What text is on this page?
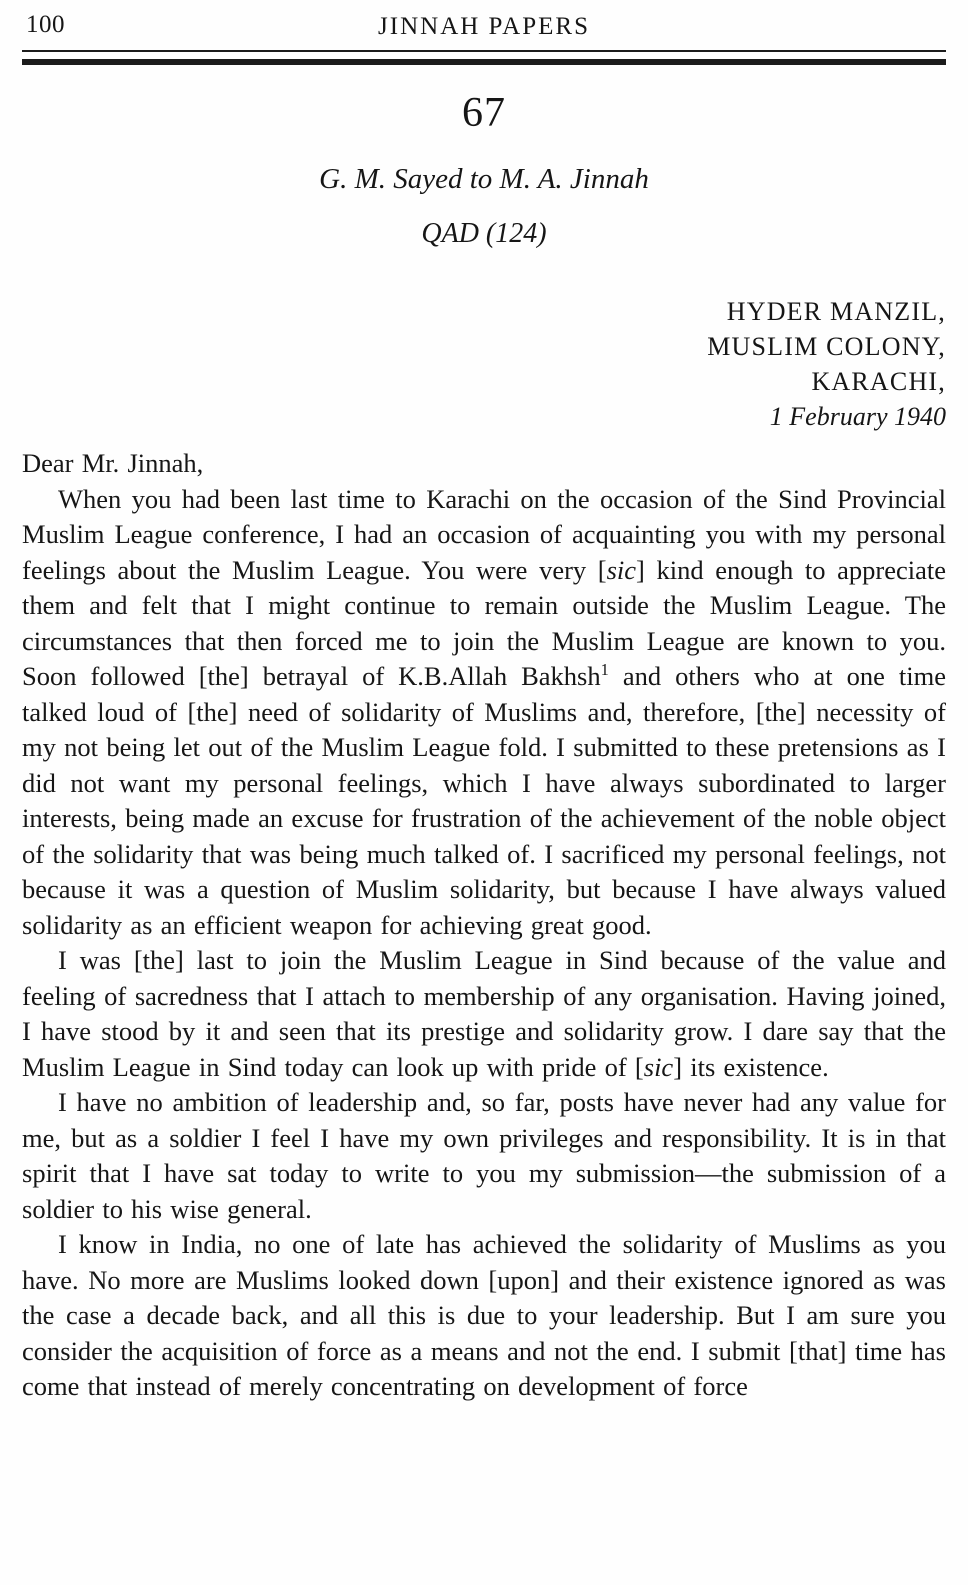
100	JINNAH PAPERS
67
G. M. Sayed to M. A. Jinnah
QAD (124)
HYDER MANZIL,
MUSLIM COLONY,
KARACHI,
1 February 1940

Dear Mr. Jinnah,

When you had been last time to Karachi on the occasion of the Sind Provincial Muslim League conference, I had an occasion of acquainting you with my personal feelings about the Muslim League. You were very [sic] kind enough to appreciate them and felt that I might continue to remain outside the Muslim League. The circumstances that then forced me to join the Muslim League are known to you. Soon followed [the] betrayal of K.B.Allah Bakhsh$^1$ and others who at one time talked loud of [the] need of solidarity of Muslims and, therefore, [the] necessity of my not being let out of the Muslim League fold. I submitted to these pretensions as I did not want my personal feelings, which I have always subordinated to larger interests, being made an excuse for frustration of the achievement of the noble object of the solidarity that was being much talked of. I sacrificed my personal feelings, not because it was a question of Muslim solidarity, but because I have always valued solidarity as an efficient weapon for achieving great good.

I was [the] last to join the Muslim League in Sind because of the value and feeling of sacredness that I attach to membership of any organisation. Having joined, I have stood by it and seen that its prestige and solidarity grow. I dare say that the Muslim League in Sind today can look up with pride of [sic] its existence.

I have no ambition of leadership and, so far, posts have never had any value for me, but as a soldier I feel I have my own privileges and responsibility. It is in that spirit that I have sat today to write to you my submission—the submission of a soldier to his wise general.

I know in India, no one of late has achieved the solidarity of Muslims as you have. No more are Muslims looked down [upon] and their existence ignored as was the case a decade back, and all this is due to your leadership. But I am sure you consider the acquisition of force as a means and not the end. I submit [that] time has come that instead of merely concentrating on development of force
